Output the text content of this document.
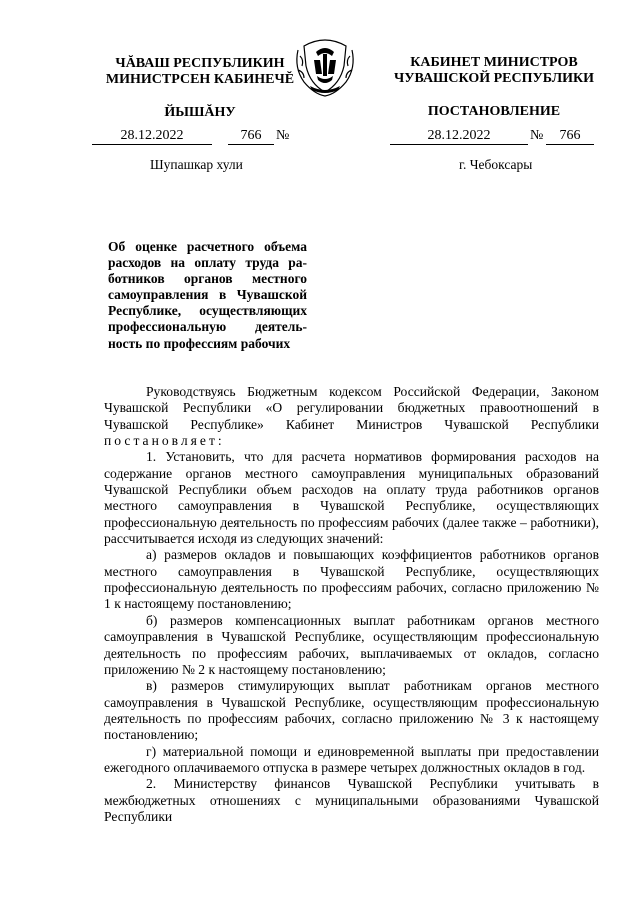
ЧĂВАШ РЕСПУБЛИКИН
МИНИСТРСЕН КАБИНЕЧĔ
ЙЫШĂНУ
КАБИНЕТ МИНИСТРОВ
ЧУВАШСКОЙ РЕСПУБЛИКИ
ПОСТАНОВЛЕНИЕ
28.12.2022	766	№	28.12.2022	№	766
Шупашкар хули	г. Чебоксары
Об оценке расчетного объема
расходов на оплату труда ра-
ботников органов местного
самоуправления в Чувашской
Республике, осуществляющих
профессиональную деятель-
ность по профессиям рабочих

Руководствуясь Бюджетным кодексом Российской Федерации, Законом Чувашской Республики «О регулировании бюджетных правоотношений в Чувашской Республике» Кабинет Министров Чувашской Республики постановляет:

1. Установить, что для расчета нормативов формирования расходов на содержание органов местного самоуправления муниципальных образований Чувашской Республики объем расходов на оплату труда работников органов местного самоуправления в Чувашской Республике, осуществляющих профессиональную деятельность по профессиям рабочих (далее также – работники), рассчитывается исходя из следующих значений:

а) размеров окладов и повышающих коэффициентов работников органов местного самоуправления в Чувашской Республике, осуществляющих профессиональную деятельность по профессиям рабочих, согласно приложению № 1 к настоящему постановлению;

б) размеров компенсационных выплат работникам органов местного самоуправления в Чувашской Республике, осуществляющим профессиональную деятельность по профессиям рабочих, выплачиваемых от окладов, согласно приложению № 2 к настоящему постановлению;

в) размеров стимулирующих выплат работникам органов местного самоуправления в Чувашской Республике, осуществляющим профессиональную деятельность по профессиям рабочих, согласно приложению № 3 к настоящему постановлению;

г) материальной помощи и единовременной выплаты при предоставлении ежегодного оплачиваемого отпуска в размере четырех должностных окладов в год.

2. Министерству финансов Чувашской Республики учитывать в межбюджетных отношениях с муниципальными образованиями Чувашской Республики
